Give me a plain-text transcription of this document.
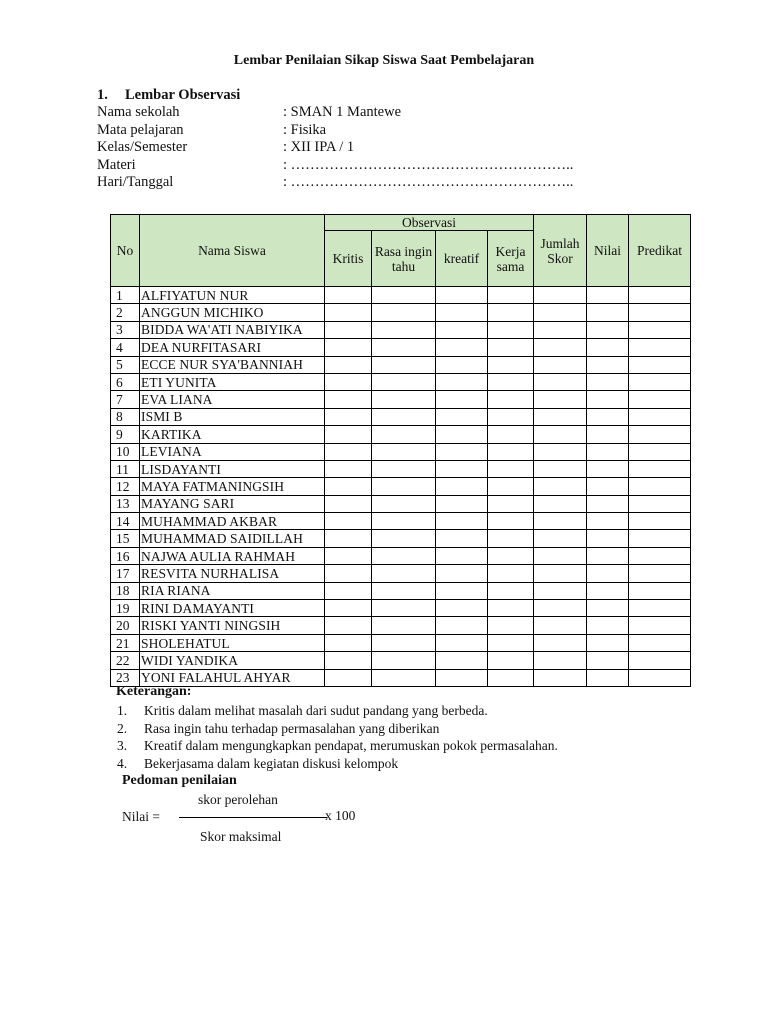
Lembar Penilaian Sikap Siswa Saat Pembelajaran
1. Lembar Observasi
Nama sekolah	: SMAN 1 Mantewe
Mata pelajaran	: Fisika
Kelas/Semester	: XII IPA / 1
Materi	: …………………………………………………..
Hari/Tanggal	: …………………………………………………..
No	Nama Siswa	Observasi				Jumlah Skor	Nilai	Predikat
		Kritis	Rasa ingin tahu	kreatif	Kerja sama			
1	ALFIYATUN NUR							
2	ANGGUN MICHIKO							
3	BIDDA WA'ATI NABIYIKA							
4	DEA NURFITASARI							
5	ECCE NUR SYA'BANNIAH							
6	ETI YUNITA							
7	EVA LIANA							
8	ISMI B							
9	KARTIKA							
10	LEVIANA							
11	LISDAYANTI							
12	MAYA FATMANINGSIH							
13	MAYANG SARI							
14	MUHAMMAD AKBAR							
15	MUHAMMAD SAIDILLAH							
16	NAJWA AULIA RAHMAH							
17	RESVITA NURHALISA							
18	RIA RIANA							
19	RINI DAMAYANTI							
20	RISKI YANTI NINGSIH							
21	SHOLEHATUL							
22	WIDI YANDIKA							
23	YONI FALAHUL AHYAR							
Keterangan:
1.	Kritis dalam melihat masalah dari sudut pandang yang berbeda.
2.	Rasa ingin tahu terhadap permasalahan yang diberikan
3.	Kreatif dalam mengungkapkan pendapat, merumuskan pokok permasalahan.
4.	Bekerjasama dalam kegiatan diskusi kelompok
Pedoman penilaian
skor perolehan
Nilai =	x 100
Skor maksimal
